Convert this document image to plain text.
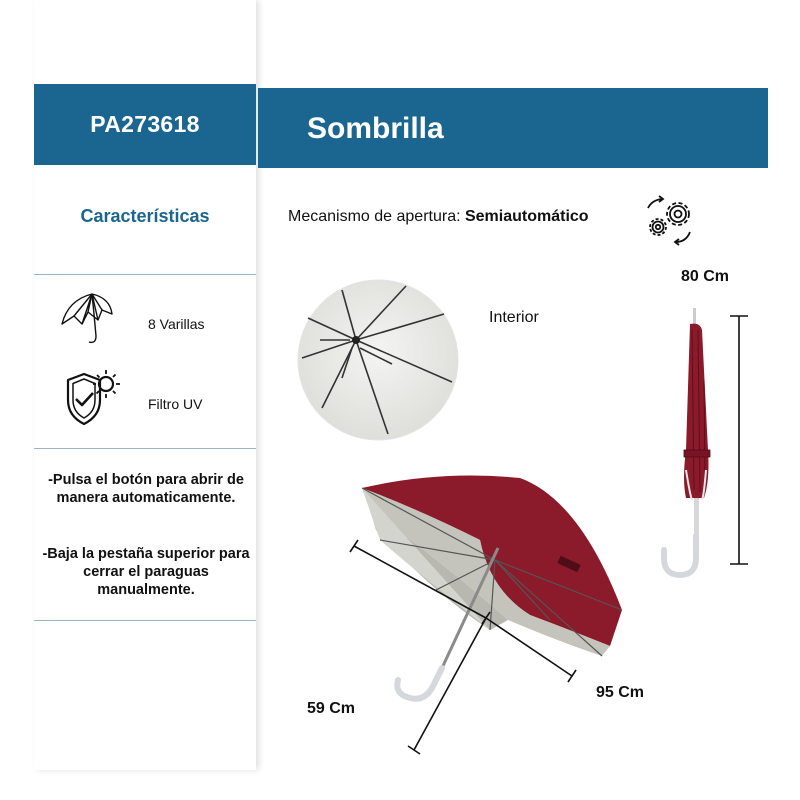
PA273618
Características
8 Varillas
Filtro UV
-Pulsa el botón para abrir de manera automaticamente.
-Baja la pestaña superior para cerrar el paraguas manualmente.
Sombrilla
Mecanismo de apertura: Semiautomático
Interior
80 Cm
95 Cm
59 Cm
